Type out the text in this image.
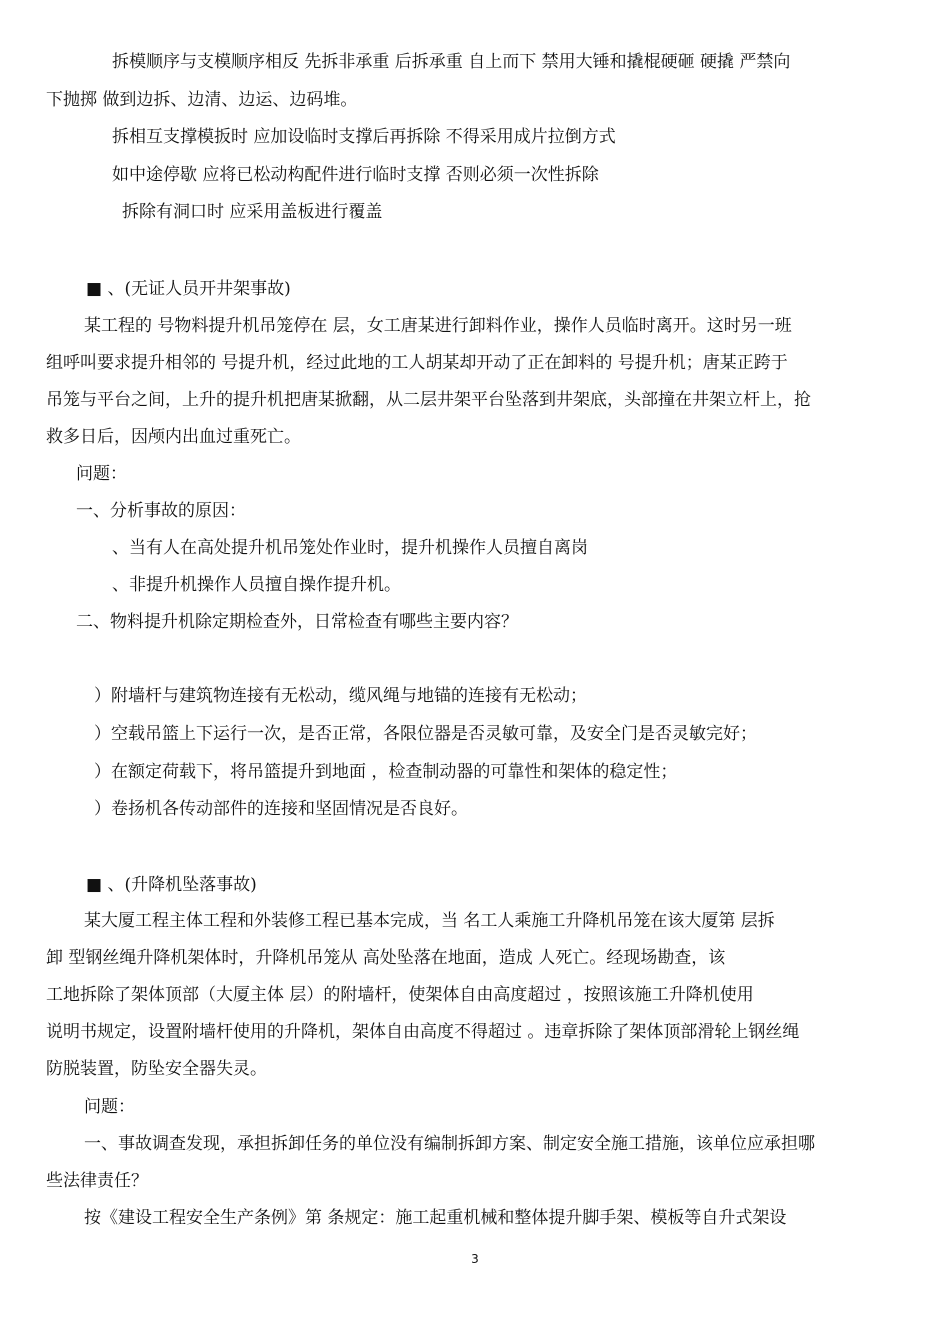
拆模顺序与支模顺序相反 先拆非承重 后拆承重 自上而下 禁用大锤和撬棍硬砸 硬撬 严禁向
下抛掷 做到边拆、边清、边运、边码堆。
拆相互支撑模扳时 应加设临时支撑后再拆除 不得采用成片拉倒方式
如中途停歇 应将已松动构配件进行临时支撑 否则必须一次性拆除
拆除有洞口时 应采用盖板进行覆盖
■ 、(无证人员开井架事故)
某工程的 号物料提升机吊笼停在 层，女工唐某进行卸料作业，操作人员临时离开。这时另一班
组呼叫要求提升相邻的 号提升机，经过此地的工人胡某却开动了正在卸料的 号提升机；唐某正跨于
吊笼与平台之间，上升的提升机把唐某掀翻，从二层井架平台坠落到井架底，头部撞在井架立杆上，抢
救多日后，因颅内出血过重死亡。
问题：
一、分析事故的原因：
、当有人在高处提升机吊笼处作业时，提升机操作人员擅自离岗
、非提升机操作人员擅自操作提升机。
二、物料提升机除定期检查外，日常检查有哪些主要内容？
）附墙杆与建筑物连接有无松动，缆风绳与地锚的连接有无松动；
）空载吊篮上下运行一次，是否正常，各限位器是否灵敏可靠，及安全门是否灵敏完好；
）在额定荷载下，将吊篮提升到地面 ，检查制动器的可靠性和架体的稳定性；
）卷扬机各传动部件的连接和坚固情况是否良好。
■ 、(升降机坠落事故)
某大厦工程主体工程和外装修工程已基本完成，当 名工人乘施工升降机吊笼在该大厦第 层拆
卸 型钢丝绳升降机架体时，升降机吊笼从 高处坠落在地面，造成 人死亡。经现场勘查，该
工地拆除了架体顶部（大厦主体 层）的附墙杆，使架体自由高度超过 ，按照该施工升降机使用
说明书规定，设置附墙杆使用的升降机，架体自由高度不得超过 。违章拆除了架体顶部滑轮上钢丝绳
防脱装置，防坠安全器失灵。
问题：
一、事故调查发现，承担拆卸任务的单位没有编制拆卸方案、制定安全施工措施，该单位应承担哪
些法律责任？
按《建设工程安全生产条例》第 条规定：施工起重机械和整体提升脚手架、模板等自升式架设
3
